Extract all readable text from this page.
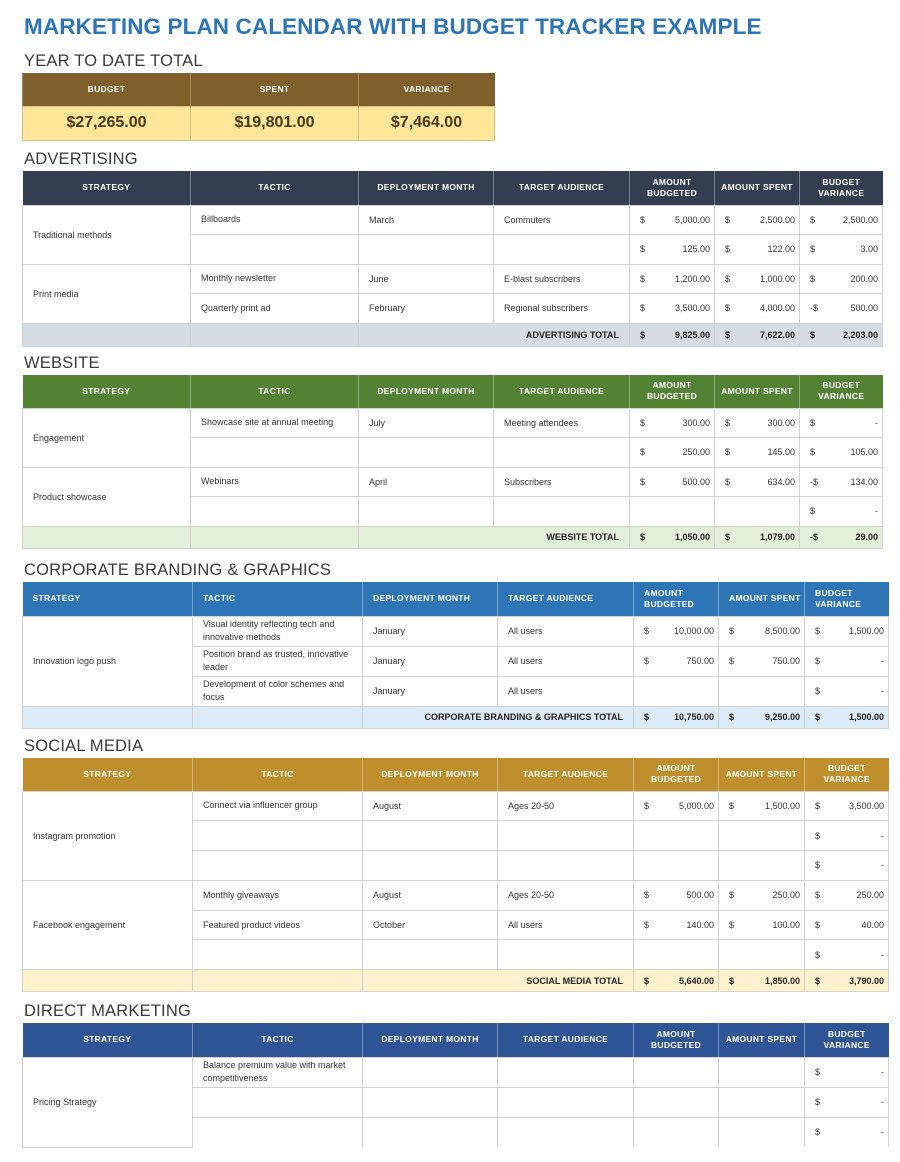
MARKETING PLAN CALENDAR WITH BUDGET TRACKER EXAMPLE
YEAR TO DATE TOTAL
BUDGET	SPENT	VARIANCE
$27,265.00	$19,801.00	$7,464.00
ADVERTISING
STRATEGY	TACTIC	DEPLOYMENT MONTH	TARGET AUDIENCE	AMOUNT BUDGETED	AMOUNT SPENT	BUDGET VARIANCE
Traditional methods	Billboards	March	Commuters	$ 5,000.00	$ 2,500.00	$ 2,500.00

				$ 125.00	$ 122.00	$ 3.00

Print media	Monthly newsletter	June	E-blast subscribers	$ 1,200.00	$ 1,000.00	$ 200.00

	Quarterly print ad	February	Regional subscribers	$ 3,500.00	$ 4,000.00	-$ 500.00

		ADVERTISING TOTAL		$ 9,825.00	$ 7,622.00	$ 2,203.00
WEBSITE
STRATEGY	TACTIC	DEPLOYMENT MONTH	TARGET AUDIENCE	AMOUNT BUDGETED	AMOUNT SPENT	BUDGET VARIANCE
Engagement	Showcase site at annual meeting	July	Meeting attendees	$ 300.00	$ 300.00	$ -

				$ 250.00	$ 145.00	$ 105.00

Product showcase	Webinars	April	Subscribers	$ 500.00	$ 634.00	-$ 134.00

						$ -

		WEBSITE TOTAL		$ 1,050.00	$ 1,079.00	-$ 29.00
CORPORATE BRANDING & GRAPHICS
STRATEGY	TACTIC	DEPLOYMENT MONTH	TARGET AUDIENCE	AMOUNT BUDGETED	AMOUNT SPENT	BUDGET VARIANCE
Innovation logo push	Visual identity reflecting tech and innovative methods	January	All users	$ 10,000.00	$ 8,500.00	$ 1,500.00

	Position brand as trusted, innovative leader	January	All users	$ 750.00	$ 750.00	$ -

	Development of color schemes and focus	January	All users			$ -

		CORPORATE BRANDING & GRAPHICS TOTAL		$ 10,750.00	$ 9,250.00	$ 1,500.00
SOCIAL MEDIA
STRATEGY	TACTIC	DEPLOYMENT MONTH	TARGET AUDIENCE	AMOUNT BUDGETED	AMOUNT SPENT	BUDGET VARIANCE
Instagram promotion	Connect via influencer group	August	Ages 20-50	$ 5,000.00	$ 1,500.00	$ 3,500.00

						$ -

						$ -

Facebook engagement	Monthly giveaways	August	Ages 20-50	$ 500.00	$ 250.00	$ 250.00

	Featured product videos	October	All users	$ 140.00	$ 100.00	$ 40.00

						$ -

		SOCIAL MEDIA TOTAL		$ 5,640.00	$ 1,850.00	$ 3,790.00
DIRECT MARKETING
STRATEGY	TACTIC	DEPLOYMENT MONTH	TARGET AUDIENCE	AMOUNT BUDGETED	AMOUNT SPENT	BUDGET VARIANCE
Pricing Strategy	Balance premium value with market competitiveness					$ -

						$ -

						$ -
